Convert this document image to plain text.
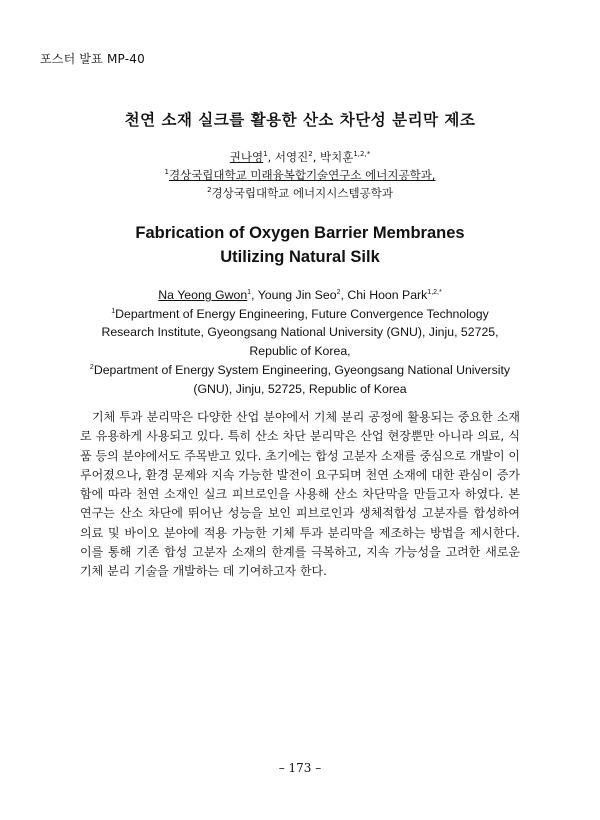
포스터 발표 MP-40
천연 소재 실크를 활용한 산소 차단성 분리막 제조
권나영$^1$, 서영진$^2$, 박치훈$^{1,2,*}$
$^1$경상국립대학교 미래융복합기술연구소 에너지공학과,
$^2$경상국립대학교 에너지시스템공학과
Fabrication of Oxygen Barrier Membranes
Utilizing Natural Silk
Na Yeong Gwon$^1$, Young Jin Seo$^2$, Chi Hoon Park$^{1,2,*}$
$^1$Department of Energy Engineering, Future Convergence Technology
Research Institute, Gyeongsang National University (GNU), Jinju, 52725,
Republic of Korea,
$^2$Department of Energy System Engineering, Gyeongsang National University
(GNU), Jinju, 52725, Republic of Korea

기체 투과 분리막은 다양한 산업 분야에서 기체 분리 공정에 활용되는 중요한 소재로 유용하게 사용되고 있다. 특히 산소 차단 분리막은 산업 현장뿐만 아니라 의료, 식품 등의 분야에서도 주목받고 있다. 초기에는 합성 고분자 소재를 중심으로 개발이 이루어졌으나, 환경 문제와 지속 가능한 발전이 요구되며 천연 소재에 대한 관심이 증가함에 따라 천연 소재인 실크 피브로인을 사용해 산소 차단막을 만들고자 하였다. 본 연구는 산소 차단에 뛰어난 성능을 보인 피브로인과 생체적합성 고분자를 합성하여 의료 및 바이오 분야에 적용 가능한 기체 투과 분리막을 제조하는 방법을 제시한다. 이를 통해 기존 합성 고분자 소재의 한계를 극복하고, 지속 가능성을 고려한 새로운 기체 분리 기술을 개발하는 데 기여하고자 한다.

– 173 –
